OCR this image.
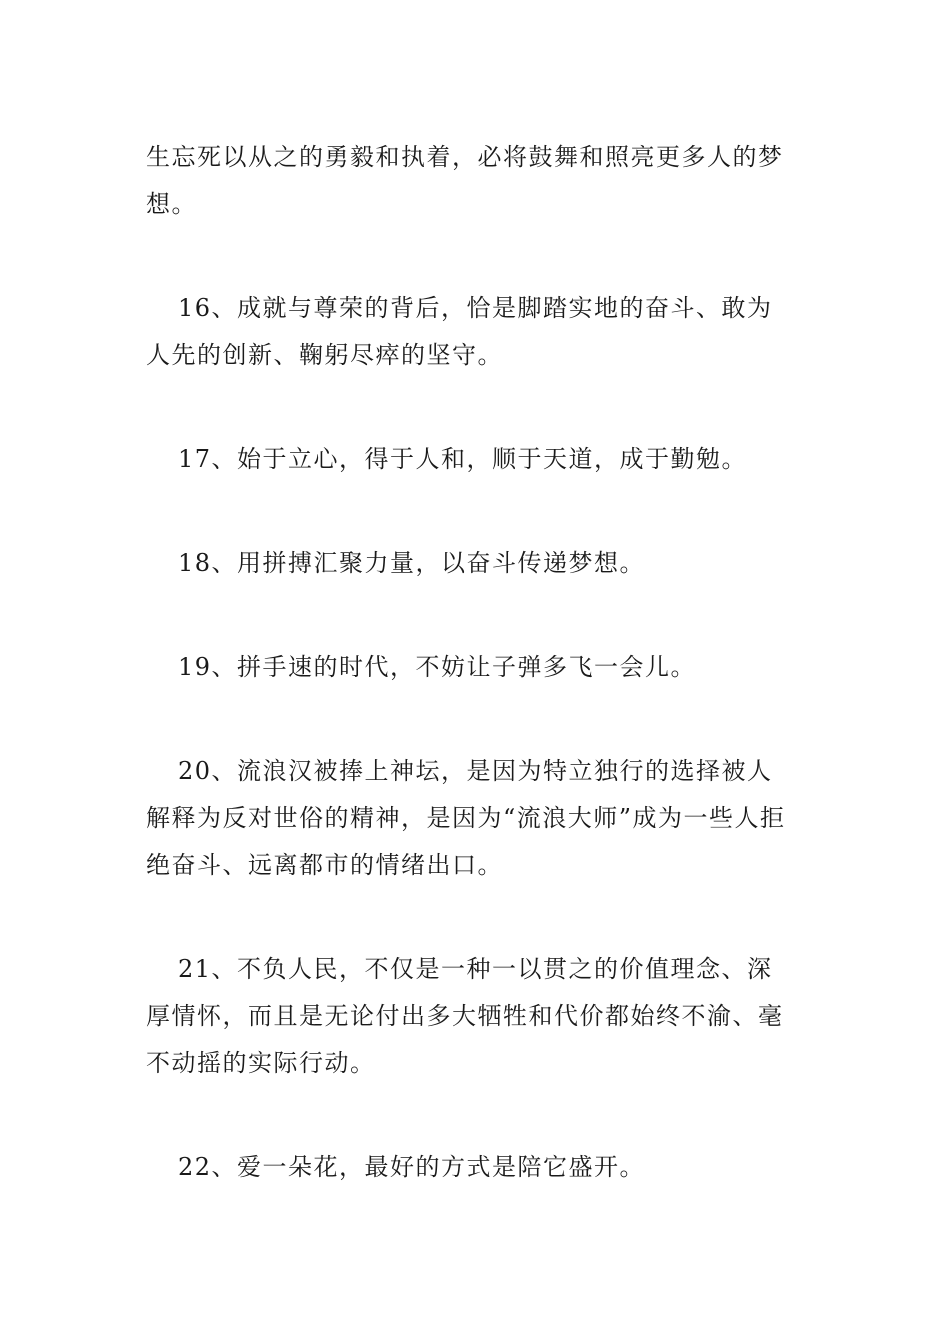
生忘死以从之的勇毅和执着，必将鼓舞和照亮更多人的梦想。

16、成就与尊荣的背后，恰是脚踏实地的奋斗、敢为人先的创新、鞠躬尽瘁的坚守。

17、始于立心，得于人和，顺于天道，成于勤勉。

18、用拼搏汇聚力量，以奋斗传递梦想。

19、拼手速的时代，不妨让子弹多飞一会儿。

20、流浪汉被捧上神坛，是因为特立独行的选择被人解释为反对世俗的精神，是因为“流浪大师”成为一些人拒绝奋斗、远离都市的情绪出口。

21、不负人民，不仅是一种一以贯之的价值理念、深厚情怀，而且是无论付出多大牺牲和代价都始终不渝、毫不动摇的实际行动。

22、爱一朵花，最好的方式是陪它盛开。
